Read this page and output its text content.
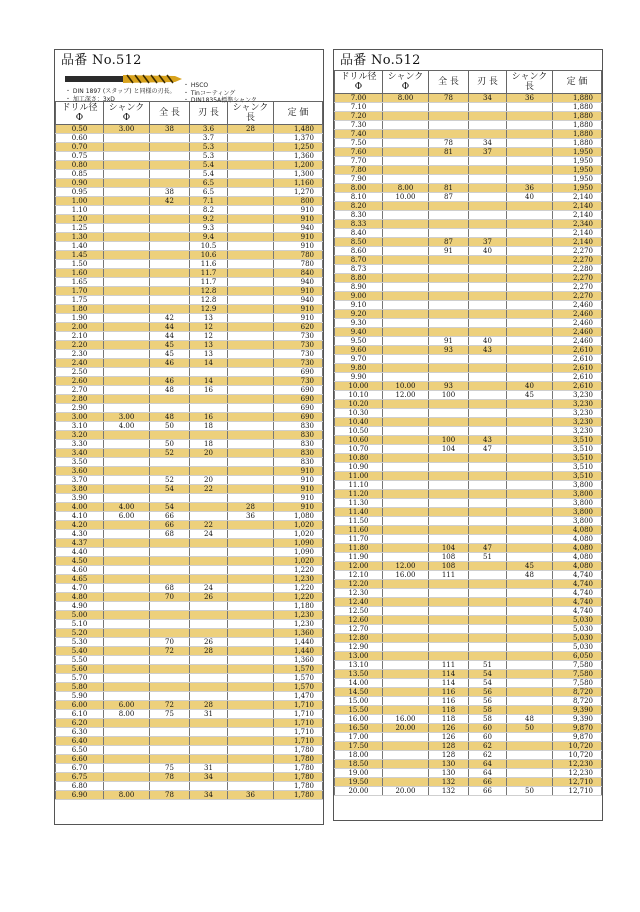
品番 No.512
・ DIN 1897 (スタッブ) と同様の刃長。
・ 加工深さ：3xD
・ HSCO
・ Tinコーティング
・ DIN1835A標準シャンク
ドリル径
Φ	シャンク
Φ	全 長	刃 長	シャンク
長	定 価
0.50	3.00	38	3.6	28	1,480
0.60			3.7		1,370
0.70			5.3		1,250
0.75			5.3		1,360
0.80			5.4		1,200
0.85			5.4		1,300
0.90			6.5		1,160
0.95		38	6.5		1,270
1.00		42	7.1		800
1.10			8.2		910
1.20			9.2		910
1.25			9.3		940
1.30			9.4		910
1.40			10.5		910
1.45			10.6		780
1.50			11.6		780
1.60			11.7		840
1.65			11.7		940
1.70			12.8		910
1.75			12.8		940
1.80			12.9		910
1.90		42	13		910
2.00		44	12		620
2.10		44	12		730
2.20		45	13		730
2.30		45	13		730
2.40		46	14		730
2.50					690
2.60		46	14		730
2.70		48	16		690
2.80					690
2.90					690
3.00	3.00	48	16		690
3.10	4.00	50	18		830
3.20					830
3.30		50	18		830
3.40		52	20		830
3.50					830
3.60					910
3.70		52	20		910
3.80		54	22		910
3.90					910
4.00	4.00	54		28	910
4.10	6.00	66		36	1,080
4.20		66	22		1,020
4.30		68	24		1,020
4.37					1,090
4.40					1,090
4.50					1,020
4.60					1,220
4.65					1,230
4.70		68	24		1,220
4.80		70	26		1,220
4.90					1,180
5.00					1,230
5.10					1,230
5.20					1,360
5.30		70	26		1,440
5.40		72	28		1,440
5.50					1,360
5.60					1,570
5.70					1,570
5.80					1,570
5.90					1,470
6.00	6.00	72	28		1,710
6.10	8.00	75	31		1,710
6.20					1,710
6.30					1,710
6.40					1,710
6.50					1,780
6.60					1,780
6.70		75	31		1,780
6.75		78	34		1,780
6.80					1,780
6.90	8.00	78	34	36	1,780
品番 No.512
ドリル径
Φ	シャンク
Φ	全 長	刃 長	シャンク
長	定 価
7.00	8.00	78	34	36	1,880
7.10					1,880
7.20					1,880
7.30					1,880
7.40					1,880
7.50		78	34		1,880
7.60		81	37		1,950
7.70					1,950
7.80					1,950
7.90					1,950
8.00	8.00	81		36	1,950
8.10	10.00	87		40	2,140
8.20					2,140
8.30					2,140
8.33					2,340
8.40					2,140
8.50		87	37		2,140
8.60		91	40		2,270
8.70					2,270
8.73					2,280
8.80					2,270
8.90					2,270
9.00					2,270
9.10					2,460
9.20					2,460
9.30					2,460
9.40					2,460
9.50		91	40		2,460
9.60		93	43		2,610
9.70					2,610
9.80					2,610
9.90					2,610
10.00	10.00	93		40	2,610
10.10	12.00	100		45	3,230
10.20					3,230
10.30					3,230
10.40					3,230
10.50					3,230
10.60		100	43		3,510
10.70		104	47		3,510
10.80					3,510
10.90					3,510
11.00					3,510
11.10					3,800
11.20					3,800
11.30					3,800
11.40					3,800
11.50					3,800
11.60					4,080
11.70					4,080
11.80		104	47		4,080
11.90		108	51		4,080
12.00	12.00	108		45	4,080
12.10	16.00	111		48	4,740
12.20					4,740
12.30					4,740
12.40					4,740
12.50					4,740
12.60					5,030
12.70					5,030
12.80					5,030
12.90					5,030
13.00					6,050
13.10		111	51		7,580
13.50		114	54		7,580
14.00		114	54		7,580
14.50		116	56		8,720
15.00		116	56		8,720
15.50		118	58		9,390
16.00	16.00	118	58	48	9,390
16.50	20.00	126	60	50	9,870
17.00		126	60		9,870
17.50		128	62		10,720
18.00		128	62		10,720
18.50		130	64		12,230
19.00		130	64		12,230
19.50		132	66		12,710
20.00	20.00	132	66	50	12,710
